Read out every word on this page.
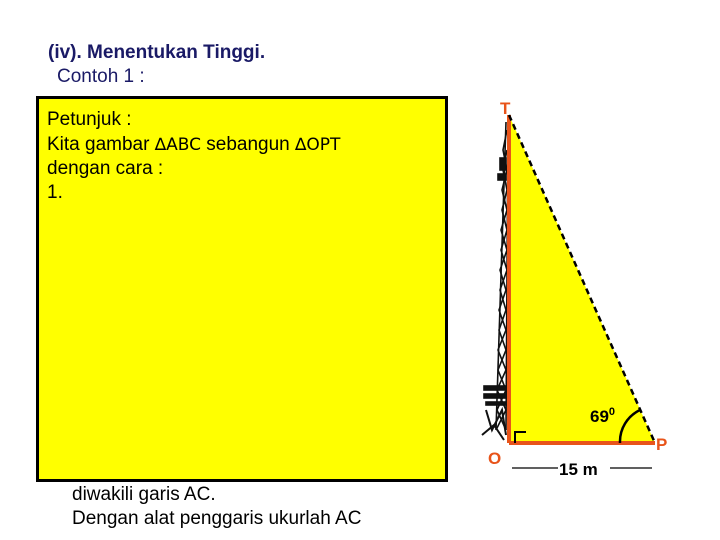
(iv). Menentukan Tinggi.
Contoh 1 :
Petunjuk :
Kita gambar ∆ABC sebangun ∆OPT
dengan cara :
1.
diwakili garis AC.
Dengan alat penggaris ukurlah AC
T
O
P
$69^0$
15 m
